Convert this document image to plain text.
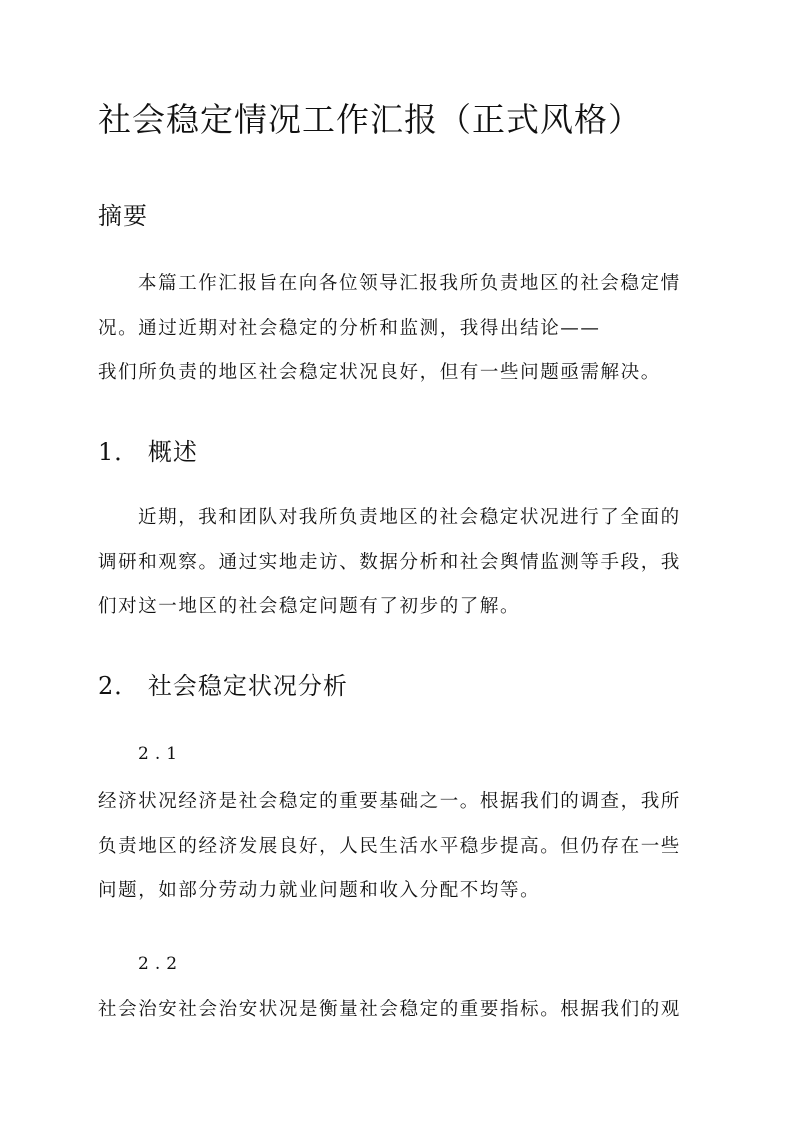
社会稳定情况工作汇报（正式风格）
摘要
本篇工作汇报旨在向各位领导汇报我所负责地区的社会稳定情
况。通过近期对社会稳定的分析和监测，我得出结论——
我们所负责的地区社会稳定状况良好，但有一些问题亟需解决。
1． 概述
近期，我和团队对我所负责地区的社会稳定状况进行了全面的
调研和观察。通过实地走访、数据分析和社会舆情监测等手段，我
们对这一地区的社会稳定问题有了初步的了解。
2． 社会稳定状况分析
2.1
经济状况经济是社会稳定的重要基础之一。根据我们的调查，我所
负责地区的经济发展良好，人民生活水平稳步提高。但仍存在一些
问题，如部分劳动力就业问题和收入分配不均等。
2.2
社会治安社会治安状况是衡量社会稳定的重要指标。根据我们的观
